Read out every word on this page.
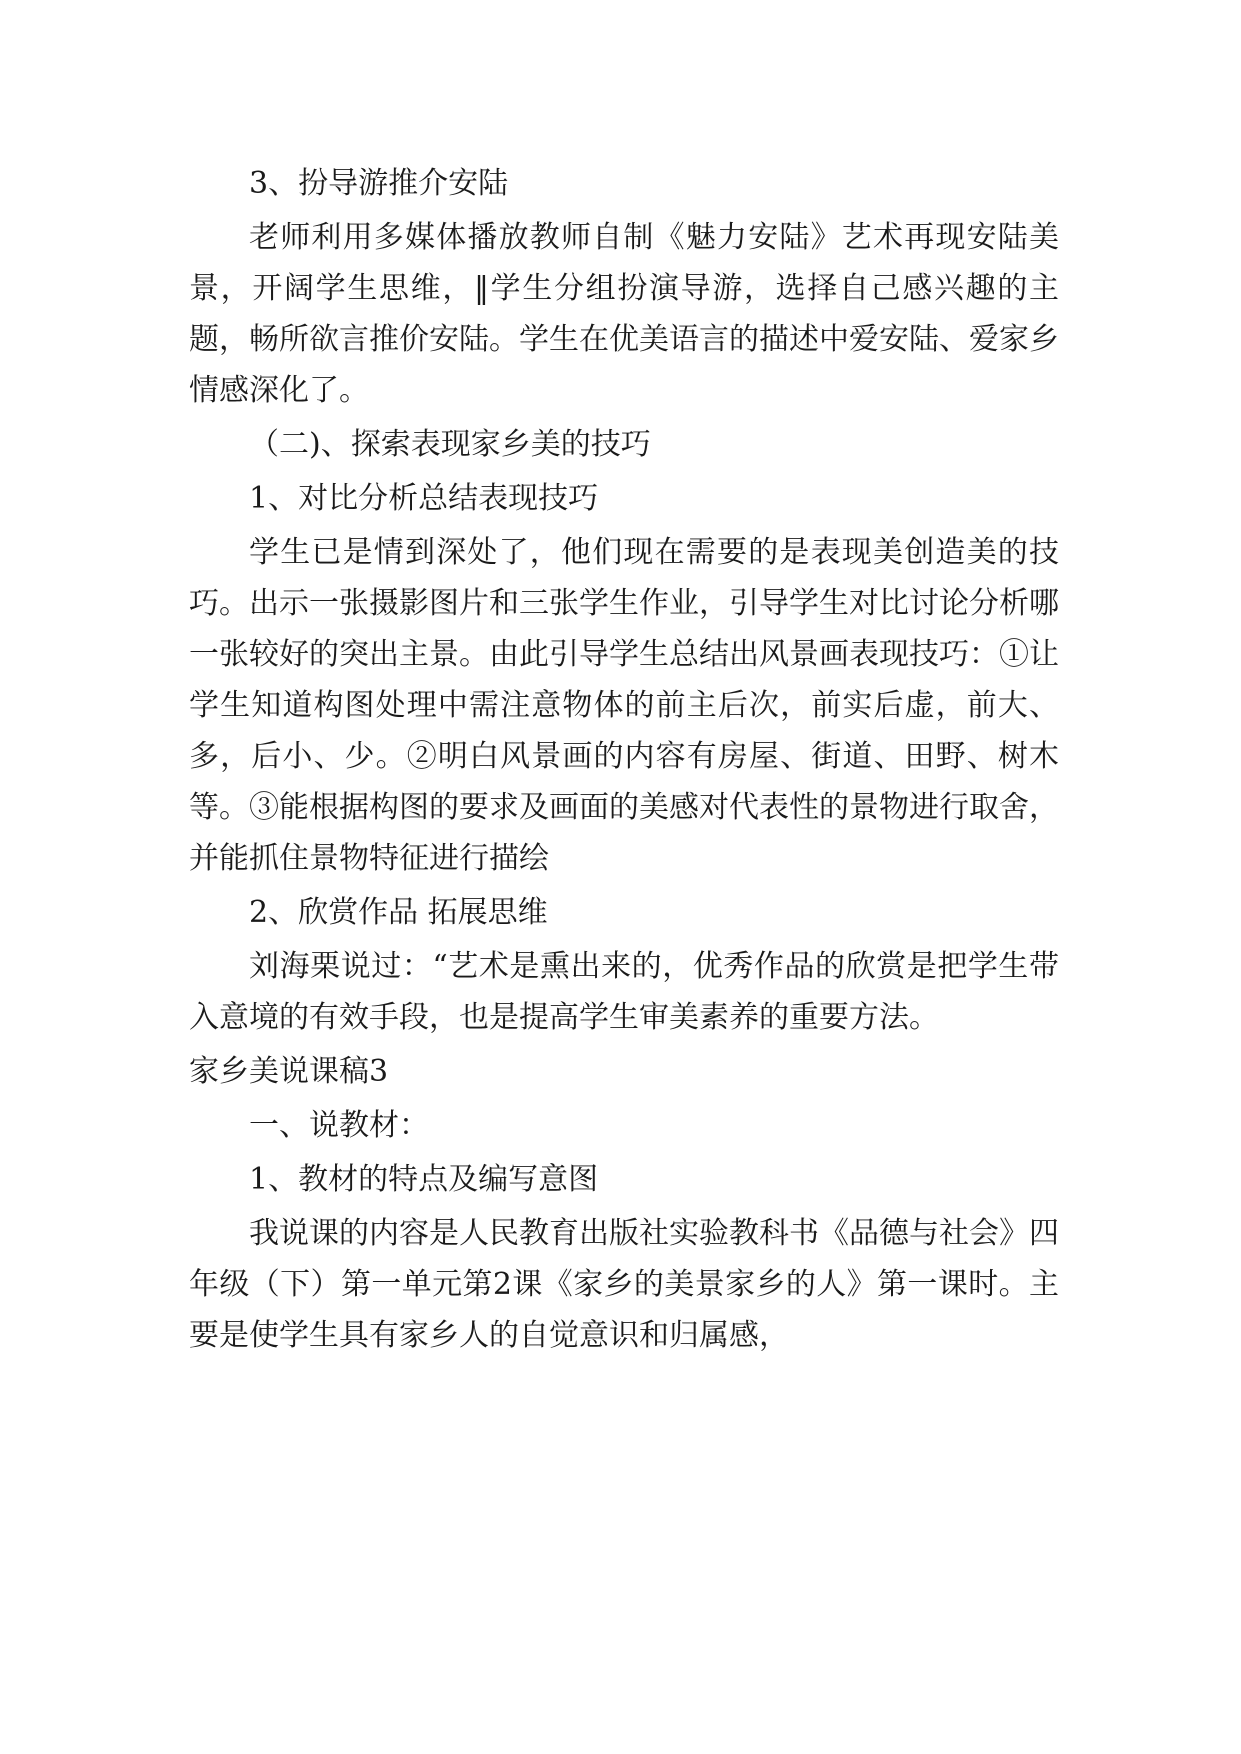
3、扮导游推介安陆

老师利用多媒体播放教师自制《魅力安陆》艺术再现安陆美景，开阔学生思维，‖学生分组扮演导游，选择自己感兴趣的主题，畅所欲言推价安陆。学生在优美语言的描述中爱安陆、爱家乡情感深化了。

（二)、探索表现家乡美的技巧

1、对比分析总结表现技巧

学生已是情到深处了，他们现在需要的是表现美创造美的技巧。出示一张摄影图片和三张学生作业，引导学生对比讨论分析哪一张较好的突出主景。由此引导学生总结出风景画表现技巧：①让学生知道构图处理中需注意物体的前主后次，前实后虚，前大、多，后小、少。②明白风景画的内容有房屋、街道、田野、树木等。③能根据构图的要求及画面的美感对代表性的景物进行取舍，并能抓住景物特征进行描绘

2、欣赏作品 拓展思维

刘海栗说过：“艺术是熏出来的，优秀作品的欣赏是把学生带入意境的有效手段，也是提高学生审美素养的重要方法。

家乡美说课稿3

一、说教材：

1、教材的特点及编写意图

我说课的内容是人民教育出版社实验教科书《品德与社会》四年级（下）第一单元第2课《家乡的美景家乡的人》第一课时。主要是使学生具有家乡人的自觉意识和归属感，
